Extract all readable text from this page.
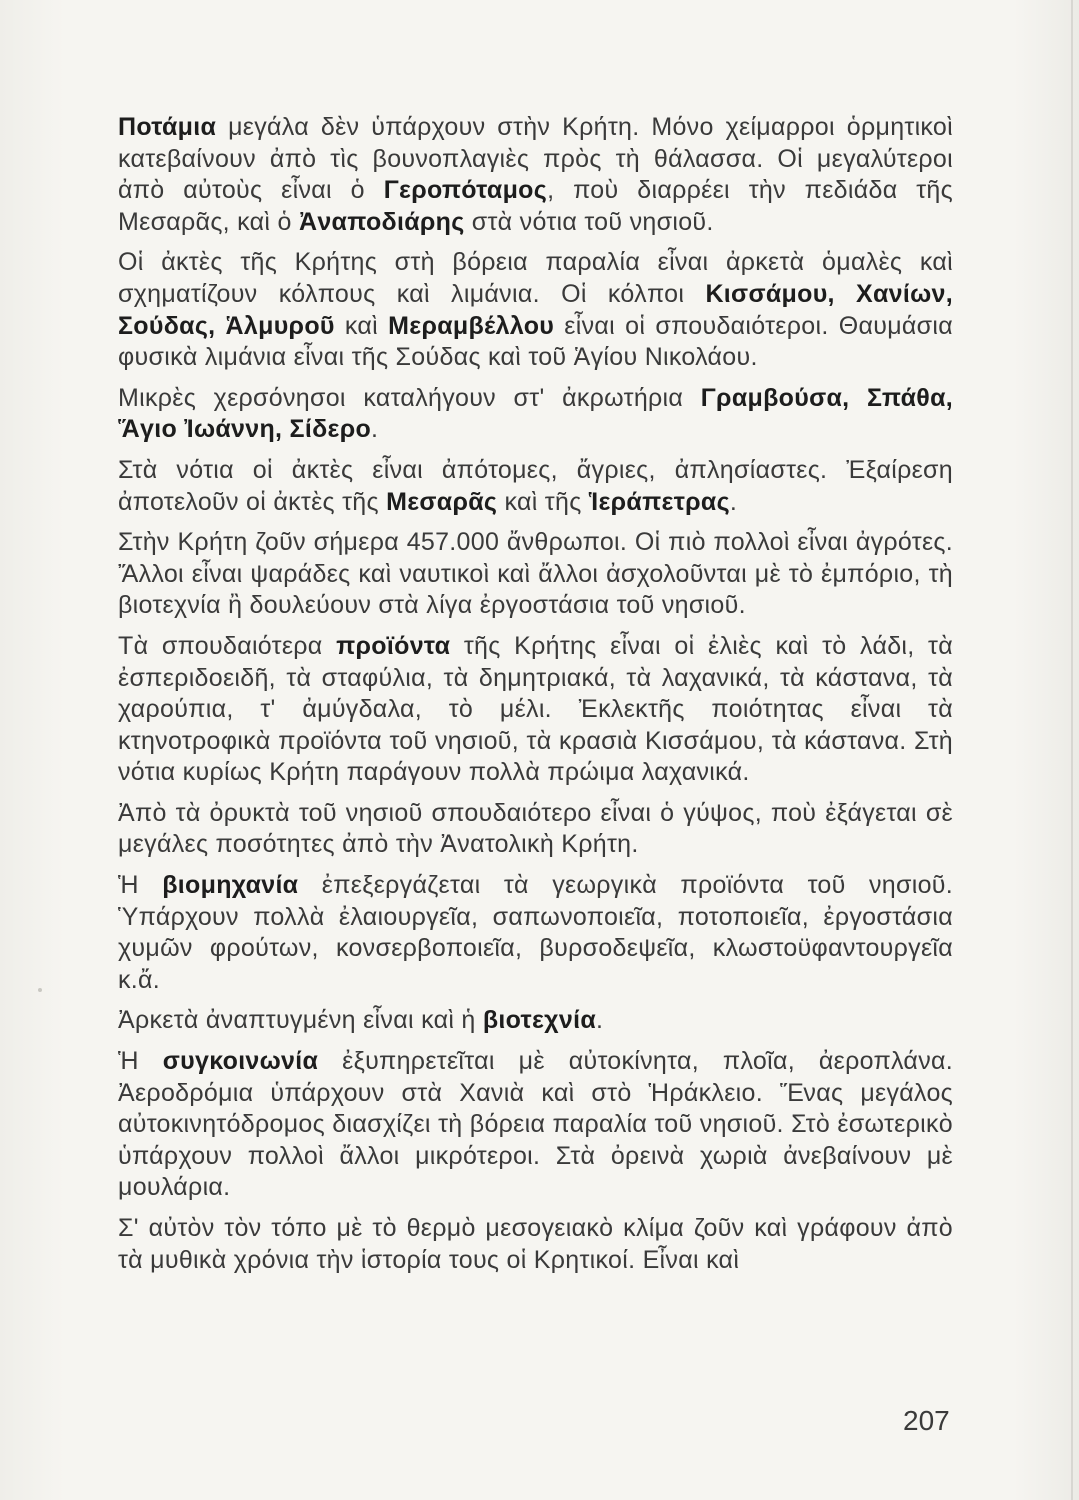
Ποτάμια μεγάλα δὲν ὑπάρχουν στὴν Κρήτη. Μόνο χείμαρροι ὁρμητικοὶ κατεβαίνουν ἀπὸ τὶς βουνοπλαγιὲς πρὸς τὴ θάλασσα. Οἱ μεγαλύτεροι ἀπὸ αὐτοὺς εἶναι ὁ Γεροπόταμος, ποὺ διαρρέει τὴν πεδιάδα τῆς Μεσαρᾶς, καὶ ὁ Ἀναποδιάρης στὰ νότια τοῦ νησιοῦ.

Οἱ ἀκτὲς τῆς Κρήτης στὴ βόρεια παραλία εἶναι ἀρκετὰ ὁμαλὲς καὶ σχηματίζουν κόλπους καὶ λιμάνια. Οἱ κόλποι Κισσάμου, Χανίων, Σούδας, Ἁλμυροῦ καὶ Μεραμβέλλου εἶναι οἱ σπουδαιότεροι. Θαυμάσια φυσικὰ λιμάνια εἶναι τῆς Σούδας καὶ τοῦ Ἁγίου Νικολάου.

Μικρὲς χερσόνησοι καταλήγουν στ' ἀκρωτήρια Γραμβούσα, Σπάθα, Ἅγιο Ἰωάννη, Σίδερο.

Στὰ νότια οἱ ἀκτὲς εἶναι ἀπότομες, ἄγριες, ἀπλησίαστες. Ἐξαίρεση ἀποτελοῦν οἱ ἀκτὲς τῆς Μεσαρᾶς καὶ τῆς Ἱεράπετρας.

Στὴν Κρήτη ζοῦν σήμερα 457.000 ἄνθρωποι. Οἱ πιὸ πολλοὶ εἶναι ἀγρότες. Ἄλλοι εἶναι ψαράδες καὶ ναυτικοὶ καὶ ἄλλοι ἀσχολοῦνται μὲ τὸ ἐμπόριο, τὴ βιοτεχνία ἢ δουλεύουν στὰ λίγα ἐργοστάσια τοῦ νησιοῦ.

Τὰ σπουδαιότερα προϊόντα τῆς Κρήτης εἶναι οἱ ἐλιὲς καὶ τὸ λάδι, τὰ ἐσπεριδοειδῆ, τὰ σταφύλια, τὰ δημητριακά, τὰ λαχανικά, τὰ κάστανα, τὰ χαρούπια, τ' ἀμύγδαλα, τὸ μέλι. Ἐκλεκτῆς ποιότητας εἶναι τὰ κτηνοτροφικὰ προϊόντα τοῦ νησιοῦ, τὰ κρασιὰ Κισσάμου, τὰ κάστανα. Στὴ νότια κυρίως Κρήτη παράγουν πολλὰ πρώιμα λαχανικά.

Ἀπὸ τὰ ὀρυκτὰ τοῦ νησιοῦ σπουδαιότερο εἶναι ὁ γύψος, ποὺ ἐξάγεται σὲ μεγάλες ποσότητες ἀπὸ τὴν Ἀνατολικὴ Κρήτη.

Ἡ βιομηχανία ἐπεξεργάζεται τὰ γεωργικὰ προϊόντα τοῦ νησιοῦ. Ὑπάρχουν πολλὰ ἐλαιουργεῖα, σαπωνοποιεῖα, ποτοποιεῖα, ἐργοστάσια χυμῶν φρούτων, κονσερβοποιεῖα, βυρσοδεψεῖα, κλωστοϋφαντουργεῖα κ.ἄ.

Ἀρκετὰ ἀναπτυγμένη εἶναι καὶ ἡ βιοτεχνία.

Ἡ συγκοινωνία ἐξυπηρετεῖται μὲ αὐτοκίνητα, πλοῖα, ἀεροπλάνα. Ἀεροδρόμια ὑπάρχουν στὰ Χανιὰ καὶ στὸ Ἡράκλειο. Ἕνας μεγάλος αὐτοκινητόδρομος διασχίζει τὴ βόρεια παραλία τοῦ νησιοῦ. Στὸ ἐσωτερικὸ ὑπάρχουν πολλοὶ ἄλλοι μικρότεροι. Στὰ ὀρεινὰ χωριὰ ἀνεβαίνουν μὲ μουλάρια.

Σ' αὐτὸν τὸν τόπο μὲ τὸ θερμὸ μεσογειακὸ κλίμα ζοῦν καὶ γράφουν ἀπὸ τὰ μυθικὰ χρόνια τὴν ἱστορία τους οἱ Κρητικοί. Εἶναι καὶ

207
